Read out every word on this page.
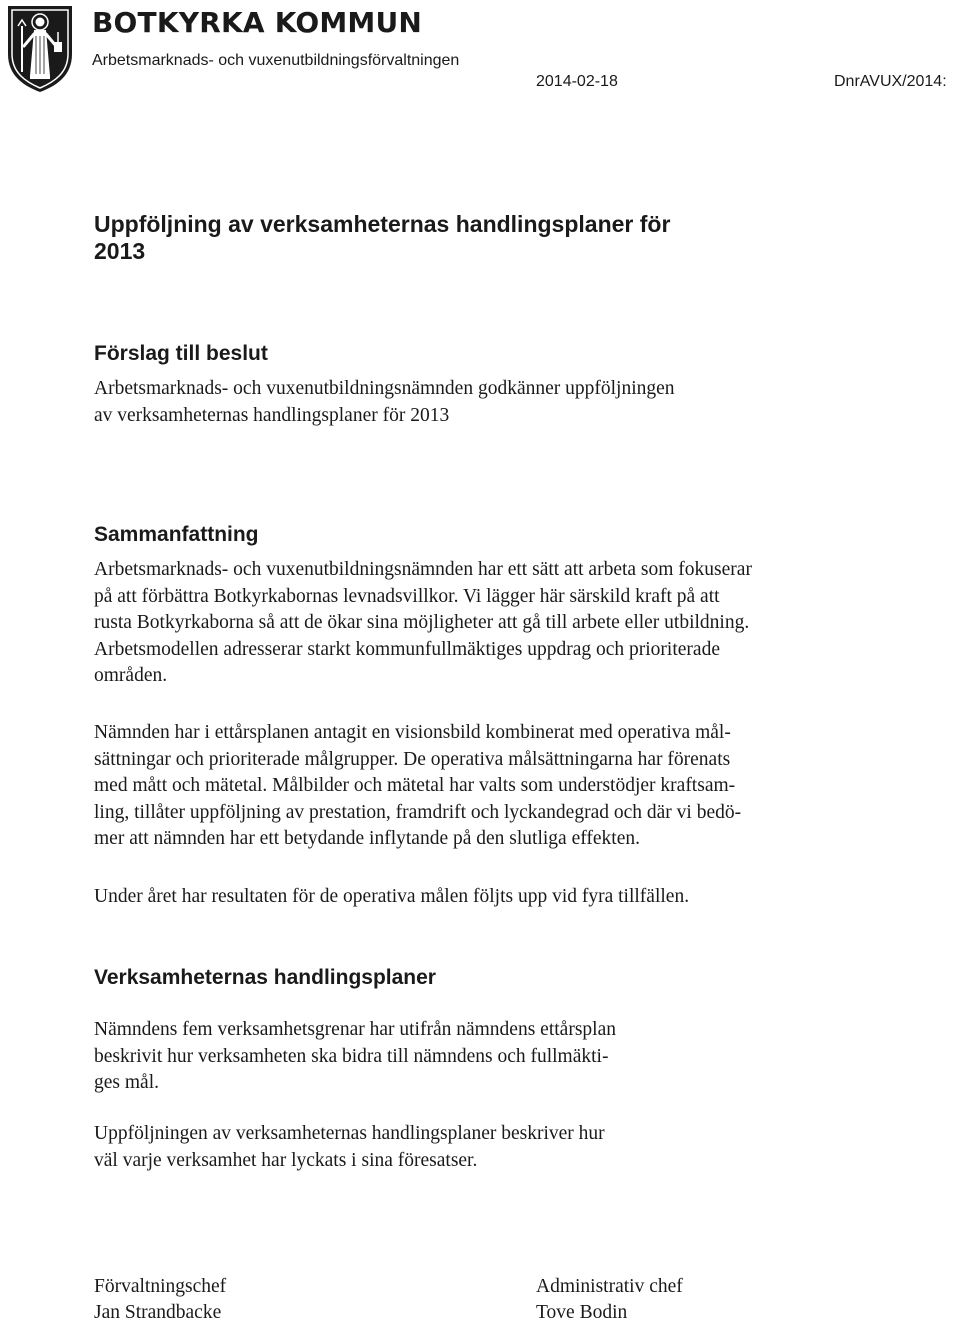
BOTKYRKA KOMMUN
Arbetsmarknads- och vuxenutbildningsförvaltningen
2014-02-18	DnrAVUX/2014:
Uppföljning av verksamheternas handlingsplaner för
2013
Förslag till beslut

Arbetsmarknads- och vuxenutbildningsnämnden godkänner uppföljningen
av verksamheternas handlingsplaner för 2013

Sammanfattning

Arbetsmarknads- och vuxenutbildningsnämnden har ett sätt att arbeta som fokuserar
på att förbättra Botkyrkabornas levnadsvillkor. Vi lägger här särskild kraft på att
rusta Botkyrkaborna så att de ökar sina möjligheter att gå till arbete eller utbildning.
Arbetsmodellen adresserar starkt kommunfullmäktiges uppdrag och prioriterade
områden.

Nämnden har i ettårsplanen antagit en visionsbild kombinerat med operativa mål-
sättningar och prioriterade målgrupper. De operativa målsättningarna har förenats
med mått och mätetal. Målbilder och mätetal har valts som understödjer kraftsam-
ling, tillåter uppföljning av prestation, framdrift och lyckandegrad och där vi bedö-
mer att nämnden har ett betydande inflytande på den slutliga effekten.

Under året har resultaten för de operativa målen följts upp vid fyra tillfällen.

Verksamheternas handlingsplaner

Nämndens fem verksamhetsgrenar har utifrån nämndens ettårsplan
beskrivit hur verksamheten ska bidra till nämndens och fullmäkti-
ges mål.

Uppföljningen av verksamheternas handlingsplaner beskriver hur
väl varje verksamhet har lyckats i sina föresatser.

Förvaltningschef
Jan Strandbacke
Administrativ chef
Tove Bodin
